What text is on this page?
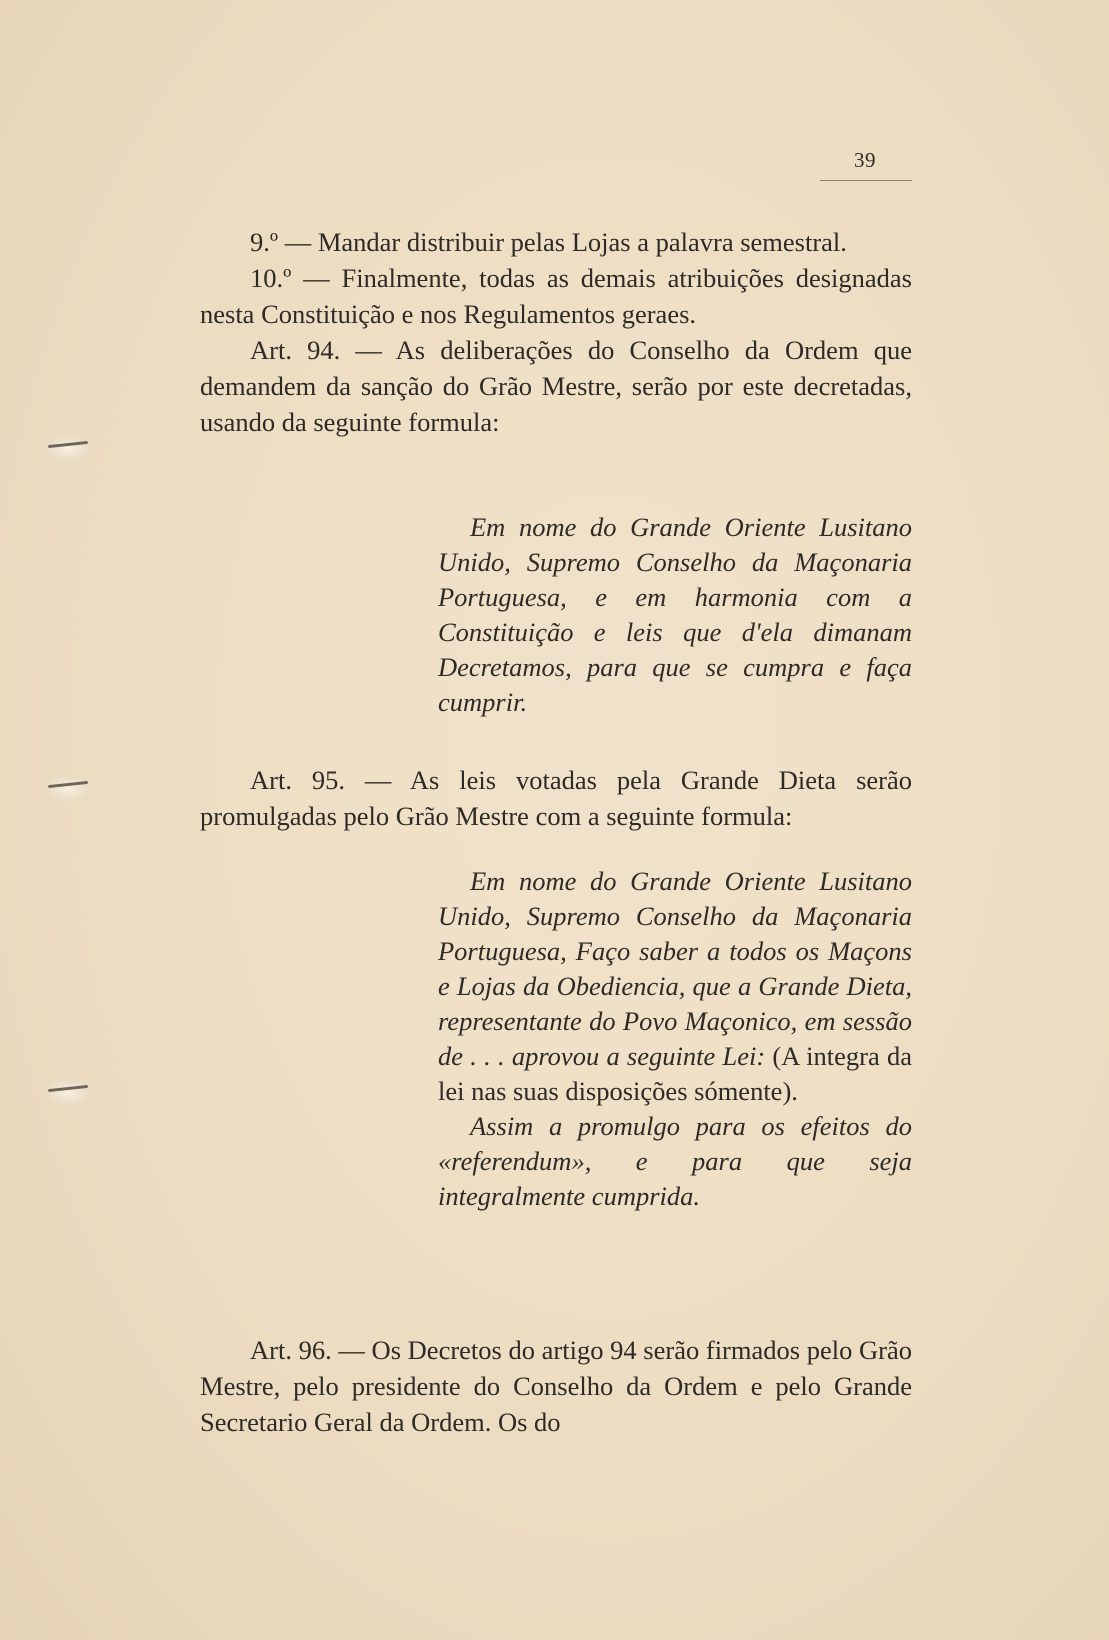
39

9.º — Mandar distribuir pelas Lojas a palavra semestral.

10.º — Finalmente, todas as demais atribuições designadas nesta Constituição e nos Regulamentos geraes.

Art. 94. — As deliberações do Conselho da Ordem que demandem da sanção do Grão Mestre, serão por este decretadas, usando da seguinte formula:

Em nome do Grande Oriente Lusitano Unido, Supremo Conselho da Maçonaria Portuguesa, e em harmonia com a Constituição e leis que d'ela dimanam Decretamos, para que se cumpra e faça cumprir.

Art. 95. — As leis votadas pela Grande Dieta serão promulgadas pelo Grão Mestre com a seguinte formula:

Em nome do Grande Oriente Lusitano Unido, Supremo Conselho da Maçonaria Portuguesa, Faço saber a todos os Maçons e Lojas da Obediencia, que a Grande Dieta, representante do Povo Maçonico, em sessão de . . . aprovou a seguinte Lei: (A integra da lei nas suas disposições sómente).

Assim a promulgo para os efeitos do «referendum», e para que seja integralmente cumprida.

Art. 96. — Os Decretos do artigo 94 serão firmados pelo Grão Mestre, pelo presidente do Conselho da Ordem e pelo Grande Secretario Geral da Ordem. Os do
